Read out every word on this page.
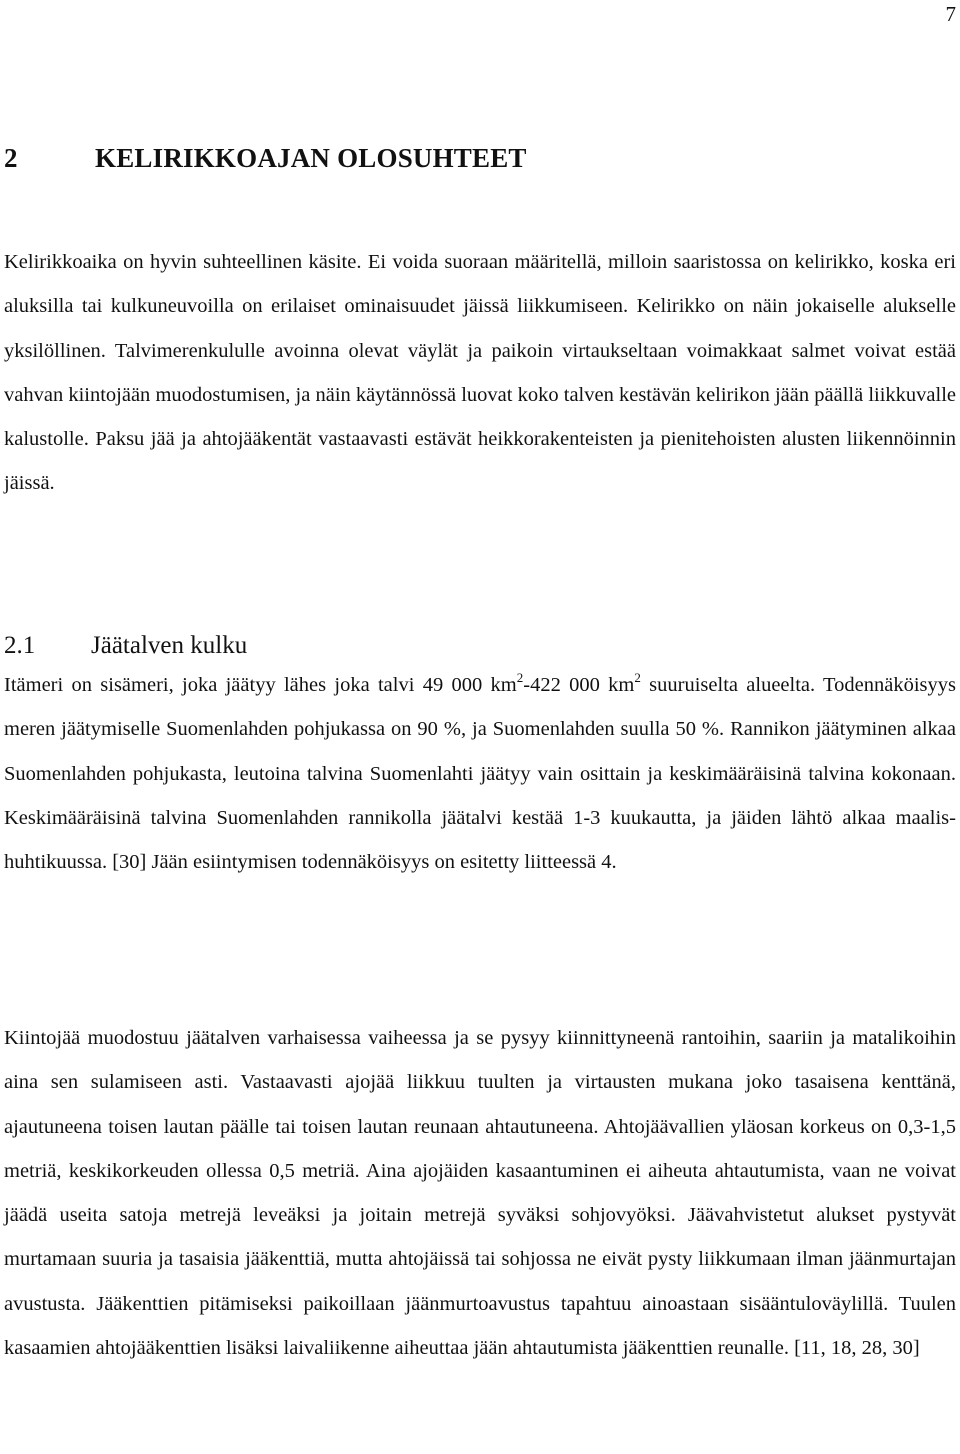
7
2	KELIRIKKOAJAN OLOSUHTEET

Kelirikkoaika on hyvin suhteellinen käsite. Ei voida suoraan määritellä, milloin saaristossa on kelirikko, koska eri aluksilla tai kulkuneuvoilla on erilaiset ominaisuudet jäissä liikkumiseen. Kelirikko on näin jokaiselle alukselle yksilöllinen. Talvimerenkululle avoinna olevat väylät ja paikoin virtaukseltaan voimakkaat salmet voivat estää vahvan kiintojään muodostumisen, ja näin käytännössä luovat koko talven kestävän kelirikon jään päällä liikkuvalle kalustolle. Paksu jää ja ahtojääkentät vastaavasti estävät heikkorakenteisten ja pienitehoisten alusten liikennöinnin jäissä.

2.1	Jäätalven kulku

Itämeri on sisämeri, joka jäätyy lähes joka talvi 49 000 $km^2-422$ 000 $km^2$ suuruiselta alueelta. Todennäköisyys meren jäätymiselle Suomenlahden pohjukassa on 90 %, ja Suomenlahden suulla 50 %. Rannikon jäätyminen alkaa Suomenlahden pohjukasta, leutoina talvina Suomenlahti jäätyy vain osittain ja keskimääräisinä talvina kokonaan. Keskimääräisinä talvina Suomenlahden rannikolla jäätalvi kestää 1-3 kuukautta, ja jäiden lähtö alkaa maalis-huhtikuussa. [30] Jään esiintymisen todennäköisyys on esitetty liitteessä 4.

Kiintojää muodostuu jäätalven varhaisessa vaiheessa ja se pysyy kiinnittyneenä rantoihin, saariin ja matalikoihin aina sen sulamiseen asti. Vastaavasti ajojää liikkuu tuulten ja virtausten mukana joko tasaisena kenttänä, ajautuneena toisen lautan päälle tai toisen lautan reunaan ahtautuneena. Ahtojäävallien yläosan korkeus on 0,3-1,5 metriä, keskikorkeuden ollessa 0,5 metriä. Aina ajojäiden kasaantuminen ei aiheuta ahtautumista, vaan ne voivat jäädä useita satoja metrejä leveäksi ja joitain metrejä syväksi sohjovyöksi. Jäävahvistetut alukset pystyvät murtamaan suuria ja tasaisia jääkenttiä, mutta ahtojäissä tai sohjossa ne eivät pysty liikkumaan ilman jäänmurtajan avustusta. Jääkenttien pitämiseksi paikoillaan jäänmurtoavustus tapahtuu ainoastaan sisääntuloväylillä. Tuulen kasaamien ahtojääkenttien lisäksi laivaliikenne aiheuttaa jään ahtautumista jääkenttien reunalle. [11, 18, 28, 30]
